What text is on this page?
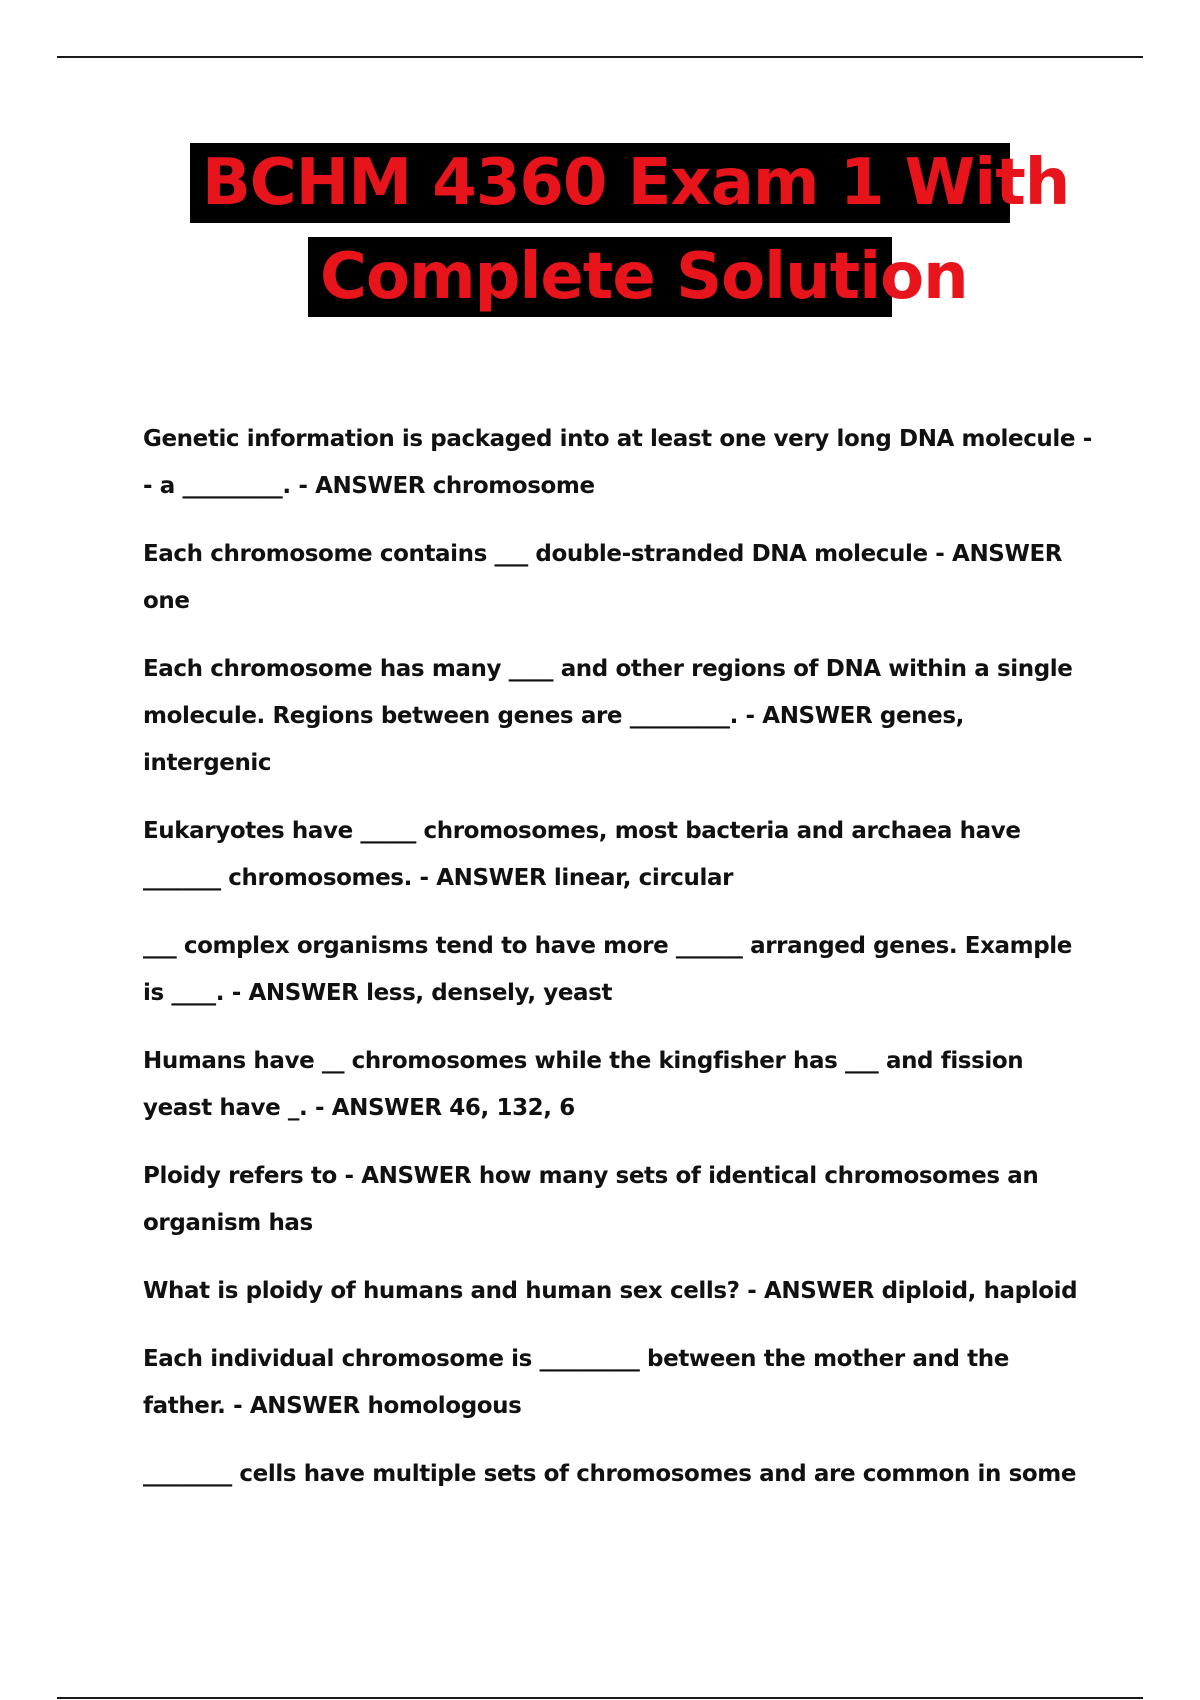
BCHM 4360 Exam 1 With
Complete Solution

Genetic information is packaged into at least one very long DNA molecule -- a _________. - ANSWER chromosome

Each chromosome contains ___ double-stranded DNA molecule - ANSWER one

Each chromosome has many ____ and other regions of DNA within a single molecule. Regions between genes are _________. - ANSWER genes, intergenic

Eukaryotes have _____ chromosomes, most bacteria and archaea have _______ chromosomes. - ANSWER linear, circular

___ complex organisms tend to have more ______ arranged genes. Example is ____. - ANSWER less, densely, yeast

Humans have __ chromosomes while the kingfisher has ___ and fission yeast have _. - ANSWER 46, 132, 6

Ploidy refers to - ANSWER how many sets of identical chromosomes an organism has

What is ploidy of humans and human sex cells? - ANSWER diploid, haploid

Each individual chromosome is _________ between the mother and the father. - ANSWER homologous

________ cells have multiple sets of chromosomes and are common in some
